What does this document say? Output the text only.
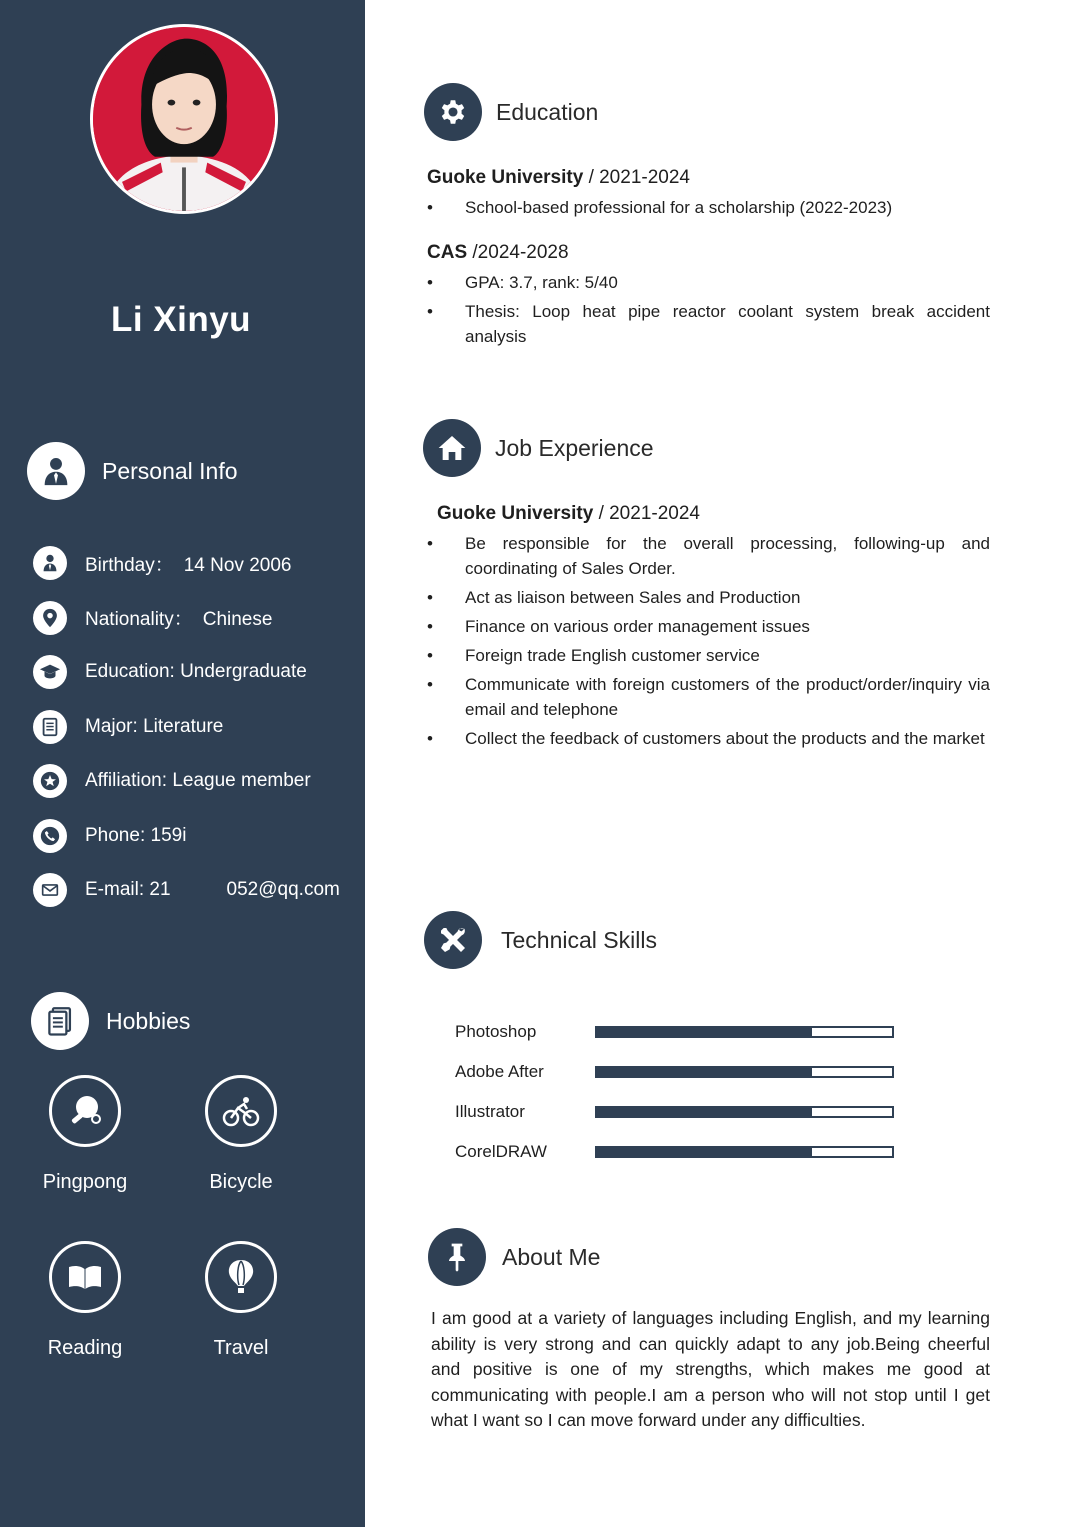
Li Xinyu
Personal Info
Birthday： 14 Nov 2006
Nationality： Chinese
Education: Undergraduate
Major: Literature
Affiliation: League member
Phone: 159i
E-mail: 21	052@qq.com
Hobbies
Pingpong	Bicycle
Reading	Travel
Education
Guoke University / 2021-2024
• School-based professional for a scholarship (2022-2023)
CAS /2024-2028
• GPA: 3.7, rank: 5/40
• Thesis: Loop heat pipe reactor coolant system break accident analysis
Job Experience
Guoke University / 2021-2024
• Be responsible for the overall processing, following-up and coordinating of Sales Order.
• Act as liaison between Sales and Production
• Finance on various order management issues
• Foreign trade English customer service
• Communicate with foreign customers of the product/order/inquiry via email and telephone
• Collect the feedback of customers about the products and the market
Technical Skills
Photoshop
Adobe After
Illustrator
CorelDRAW
About Me
I am good at a variety of languages including English, and my learning ability is very strong and can quickly adapt to any job.Being cheerful and positive is one of my strengths, which makes me good at communicating with people.I am a person who will not stop until I get what I want so I can move forward under any difficulties.
